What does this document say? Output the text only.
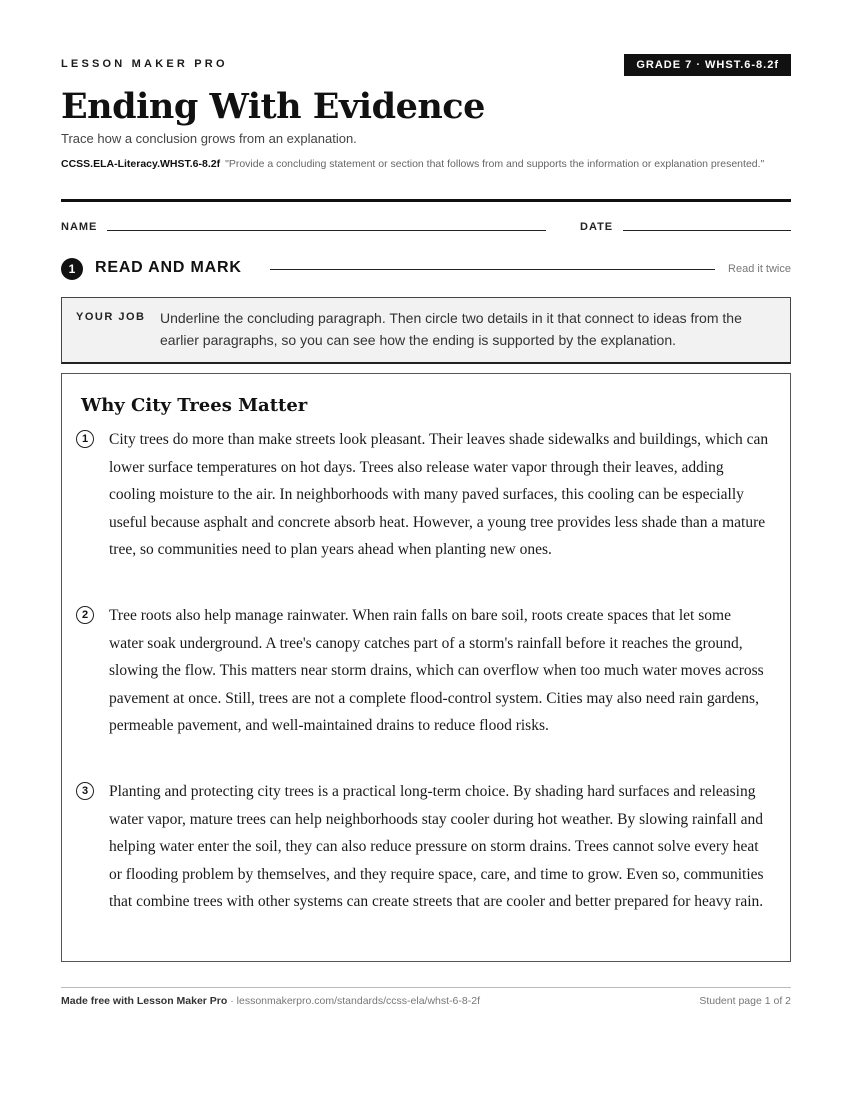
LESSON MAKER PRO	GRADE 7 · WHST.6-8.2f
Ending With Evidence
Trace how a conclusion grows from an explanation.
CCSS.ELA-Literacy.WHST.6-8.2f "Provide a concluding statement or section that follows from and supports the information or explanation presented."
NAME	DATE
1	READ AND MARK	Read it twice
YOUR JOB Underline the concluding paragraph. Then circle two details in it that connect to ideas from the earlier paragraphs, so you can see how the ending is supported by the explanation.
Why City Trees Matter
1	City trees do more than make streets look pleasant. Their leaves shade sidewalks and buildings, which can lower surface temperatures on hot days. Trees also release water vapor through their leaves, adding cooling moisture to the air. In neighborhoods with many paved surfaces, this cooling can be especially useful because asphalt and concrete absorb heat. However, a young tree provides less shade than a mature tree, so communities need to plan years ahead when planting new ones.
2	Tree roots also help manage rainwater. When rain falls on bare soil, roots create spaces that let some water soak underground. A tree's canopy catches part of a storm's rainfall before it reaches the ground, slowing the flow. This matters near storm drains, which can overflow when too much water moves across pavement at once. Still, trees are not a complete flood-control system. Cities may also need rain gardens, permeable pavement, and well-maintained drains to reduce flood risks.
3	Planting and protecting city trees is a practical long-term choice. By shading hard surfaces and releasing water vapor, mature trees can help neighborhoods stay cooler during hot weather. By slowing rainfall and helping water enter the soil, they can also reduce pressure on storm drains. Trees cannot solve every heat or flooding problem by themselves, and they require space, care, and time to grow. Even so, communities that combine trees with other systems can create streets that are cooler and better prepared for heavy rain.
Made free with Lesson Maker Pro · lessonmakerpro.com/standards/ccss-ela/whst-6-8-2f	Student page 1 of 2
